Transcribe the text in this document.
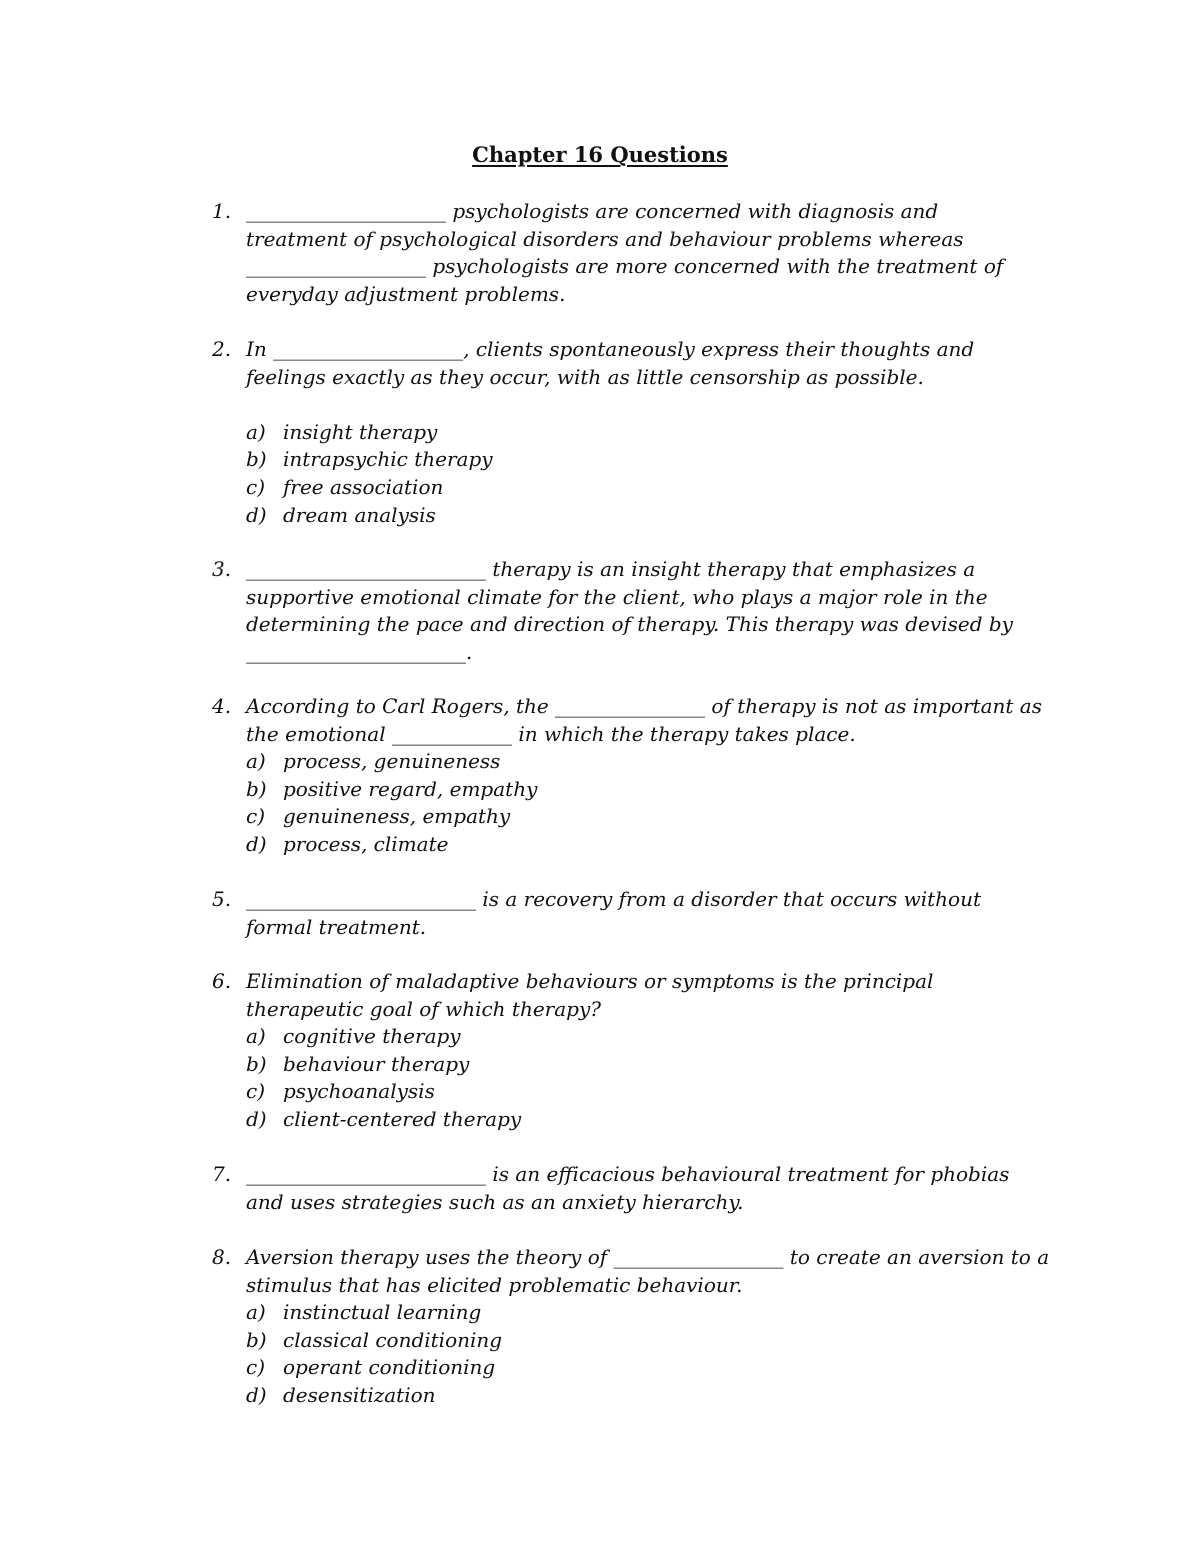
Chapter 16 Questions
1. ____________________ psychologists are concerned with diagnosis and
treatment of psychological disorders and behaviour problems whereas
__________________ psychologists are more concerned with the treatment of
everyday adjustment problems.
2. In ___________________, clients spontaneously express their thoughts and
feelings exactly as they occur, with as little censorship as possible.
a) insight therapy
b) intrapsychic therapy
c) free association
d) dream analysis
3. ________________________ therapy is an insight therapy that emphasizes a
supportive emotional climate for the client, who plays a major role in the
determining the pace and direction of therapy. This therapy was devised by
______________________.
4. According to Carl Rogers, the _______________ of therapy is not as important as
the emotional ____________ in which the therapy takes place.
a) process, genuineness
b) positive regard, empathy
c) genuineness, empathy
d) process, climate
5. _______________________ is a recovery from a disorder that occurs without
formal treatment.
6. Elimination of maladaptive behaviours or symptoms is the principal
therapeutic goal of which therapy?
a) cognitive therapy
b) behaviour therapy
c) psychoanalysis
d) client-centered therapy
7. ________________________ is an efficacious behavioural treatment for phobias
and uses strategies such as an anxiety hierarchy.
8. Aversion therapy uses the theory of _________________ to create an aversion to a
stimulus that has elicited problematic behaviour.
a) instinctual learning
b) classical conditioning
c) operant conditioning
d) desensitization
